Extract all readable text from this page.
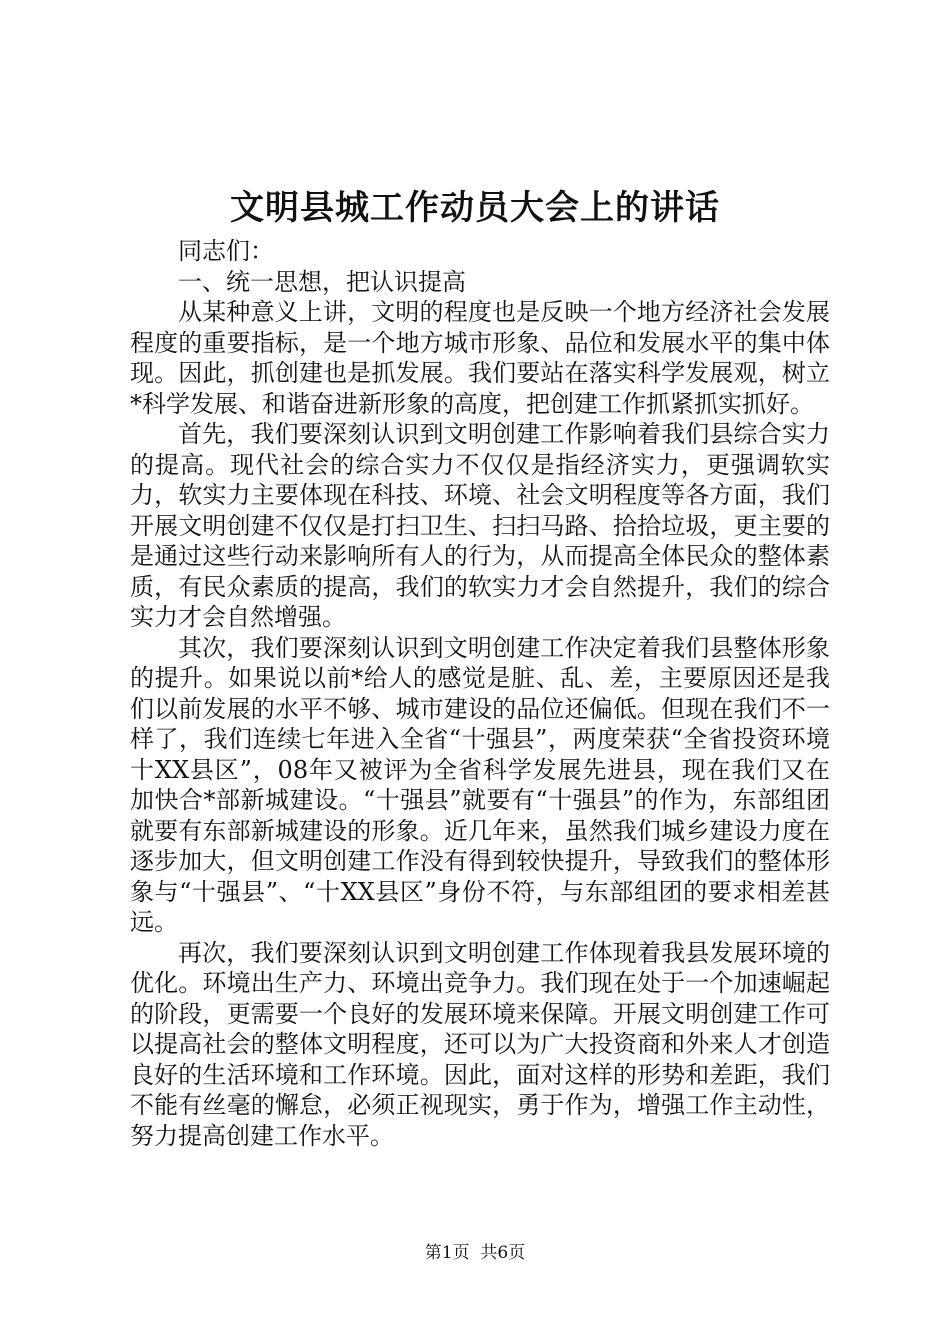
文明县城工作动员大会上的讲话

同志们：

一、统一思想，把认识提高

从某种意义上讲，文明的程度也是反映一个地方经济社会发展程度的重要指标，是一个地方城市形象、品位和发展水平的集中体现。因此，抓创建也是抓发展。我们要站在落实科学发展观，树立*科学发展、和谐奋进新形象的高度，把创建工作抓紧抓实抓好。

首先，我们要深刻认识到文明创建工作影响着我们县综合实力的提高。现代社会的综合实力不仅仅是指经济实力，更强调软实力，软实力主要体现在科技、环境、社会文明程度等各方面，我们开展文明创建不仅仅是打扫卫生、扫扫马路、拾拾垃圾，更主要的是通过这些行动来影响所有人的行为，从而提高全体民众的整体素质，有民众素质的提高，我们的软实力才会自然提升，我们的综合实力才会自然增强。

其次，我们要深刻认识到文明创建工作决定着我们县整体形象的提升。如果说以前*给人的感觉是脏、乱、差，主要原因还是我们以前发展的水平不够、城市建设的品位还偏低。但现在我们不一样了，我们连续七年进入全省“十强县”，两度荣获“全省投资环境十XX县区”，08年又被评为全省科学发展先进县，现在我们又在加快合*部新城建设。“十强县”就要有“十强县”的作为，东部组团就要有东部新城建设的形象。近几年来，虽然我们城乡建设力度在逐步加大，但文明创建工作没有得到较快提升，导致我们的整体形象与“十强县”、“十XX县区”身份不符，与东部组团的要求相差甚远。

再次，我们要深刻认识到文明创建工作体现着我县发展环境的优化。环境出生产力、环境出竞争力。我们现在处于一个加速崛起的阶段，更需要一个良好的发展环境来保障。开展文明创建工作可以提高社会的整体文明程度，还可以为广大投资商和外来人才创造良好的生活环境和工作环境。因此，面对这样的形势和差距，我们不能有丝毫的懈怠，必须正视现实，勇于作为，增强工作主动性，努力提高创建工作水平。

第1页  共6页
